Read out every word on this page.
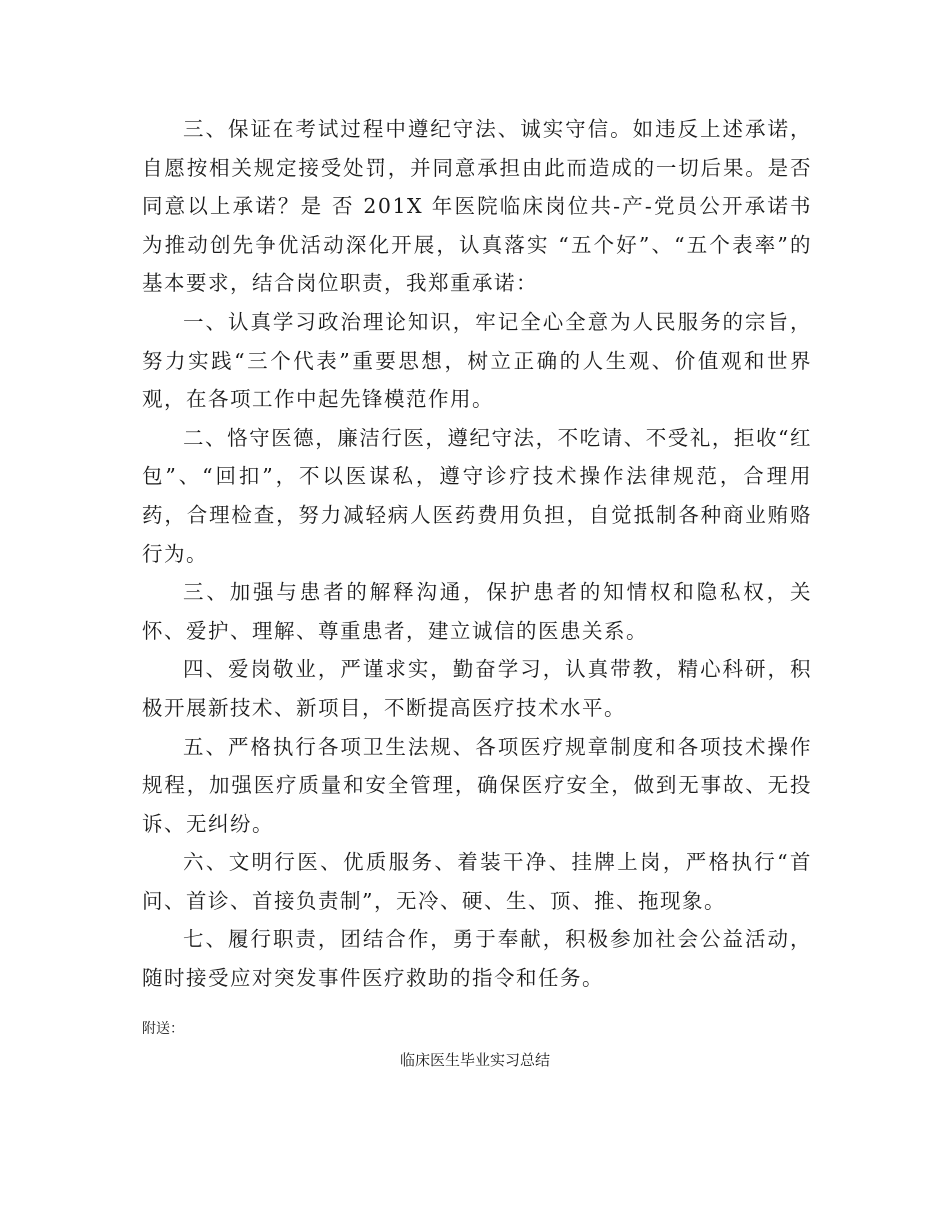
三、保证在考试过程中遵纪守法、诚实守信。如违反上述承诺，自愿按相关规定接受处罚，并同意承担由此而造成的一切后果。是否同意以上承诺？是 否 201X 年医院临床岗位共-产-党员公开承诺书为推动创先争优活动深化开展，认真落实 “五个好”、“五个表率”的基本要求，结合岗位职责，我郑重承诺：

一、认真学习政治理论知识，牢记全心全意为人民服务的宗旨，努力实践“三个代表”重要思想，树立正确的人生观、价值观和世界观，在各项工作中起先锋模范作用。

二、恪守医德，廉洁行医，遵纪守法，不吃请、不受礼，拒收“红包”、“回扣”，不以医谋私，遵守诊疗技术操作法律规范，合理用药，合理检查，努力减轻病人医药费用负担，自觉抵制各种商业贿赂行为。

三、加强与患者的解释沟通，保护患者的知情权和隐私权，关怀、爱护、理解、尊重患者，建立诚信的医患关系。

四、爱岗敬业，严谨求实，勤奋学习，认真带教，精心科研，积极开展新技术、新项目，不断提高医疗技术水平。

五、严格执行各项卫生法规、各项医疗规章制度和各项技术操作规程，加强医疗质量和安全管理，确保医疗安全，做到无事故、无投诉、无纠纷。

六、文明行医、优质服务、着装干净、挂牌上岗，严格执行“首问、首诊、首接负责制”，无冷、硬、生、顶、推、拖现象。

七、履行职责，团结合作，勇于奉献，积极参加社会公益活动，随时接受应对突发事件医疗救助的指令和任务。

附送：
临床医生毕业实习总结
